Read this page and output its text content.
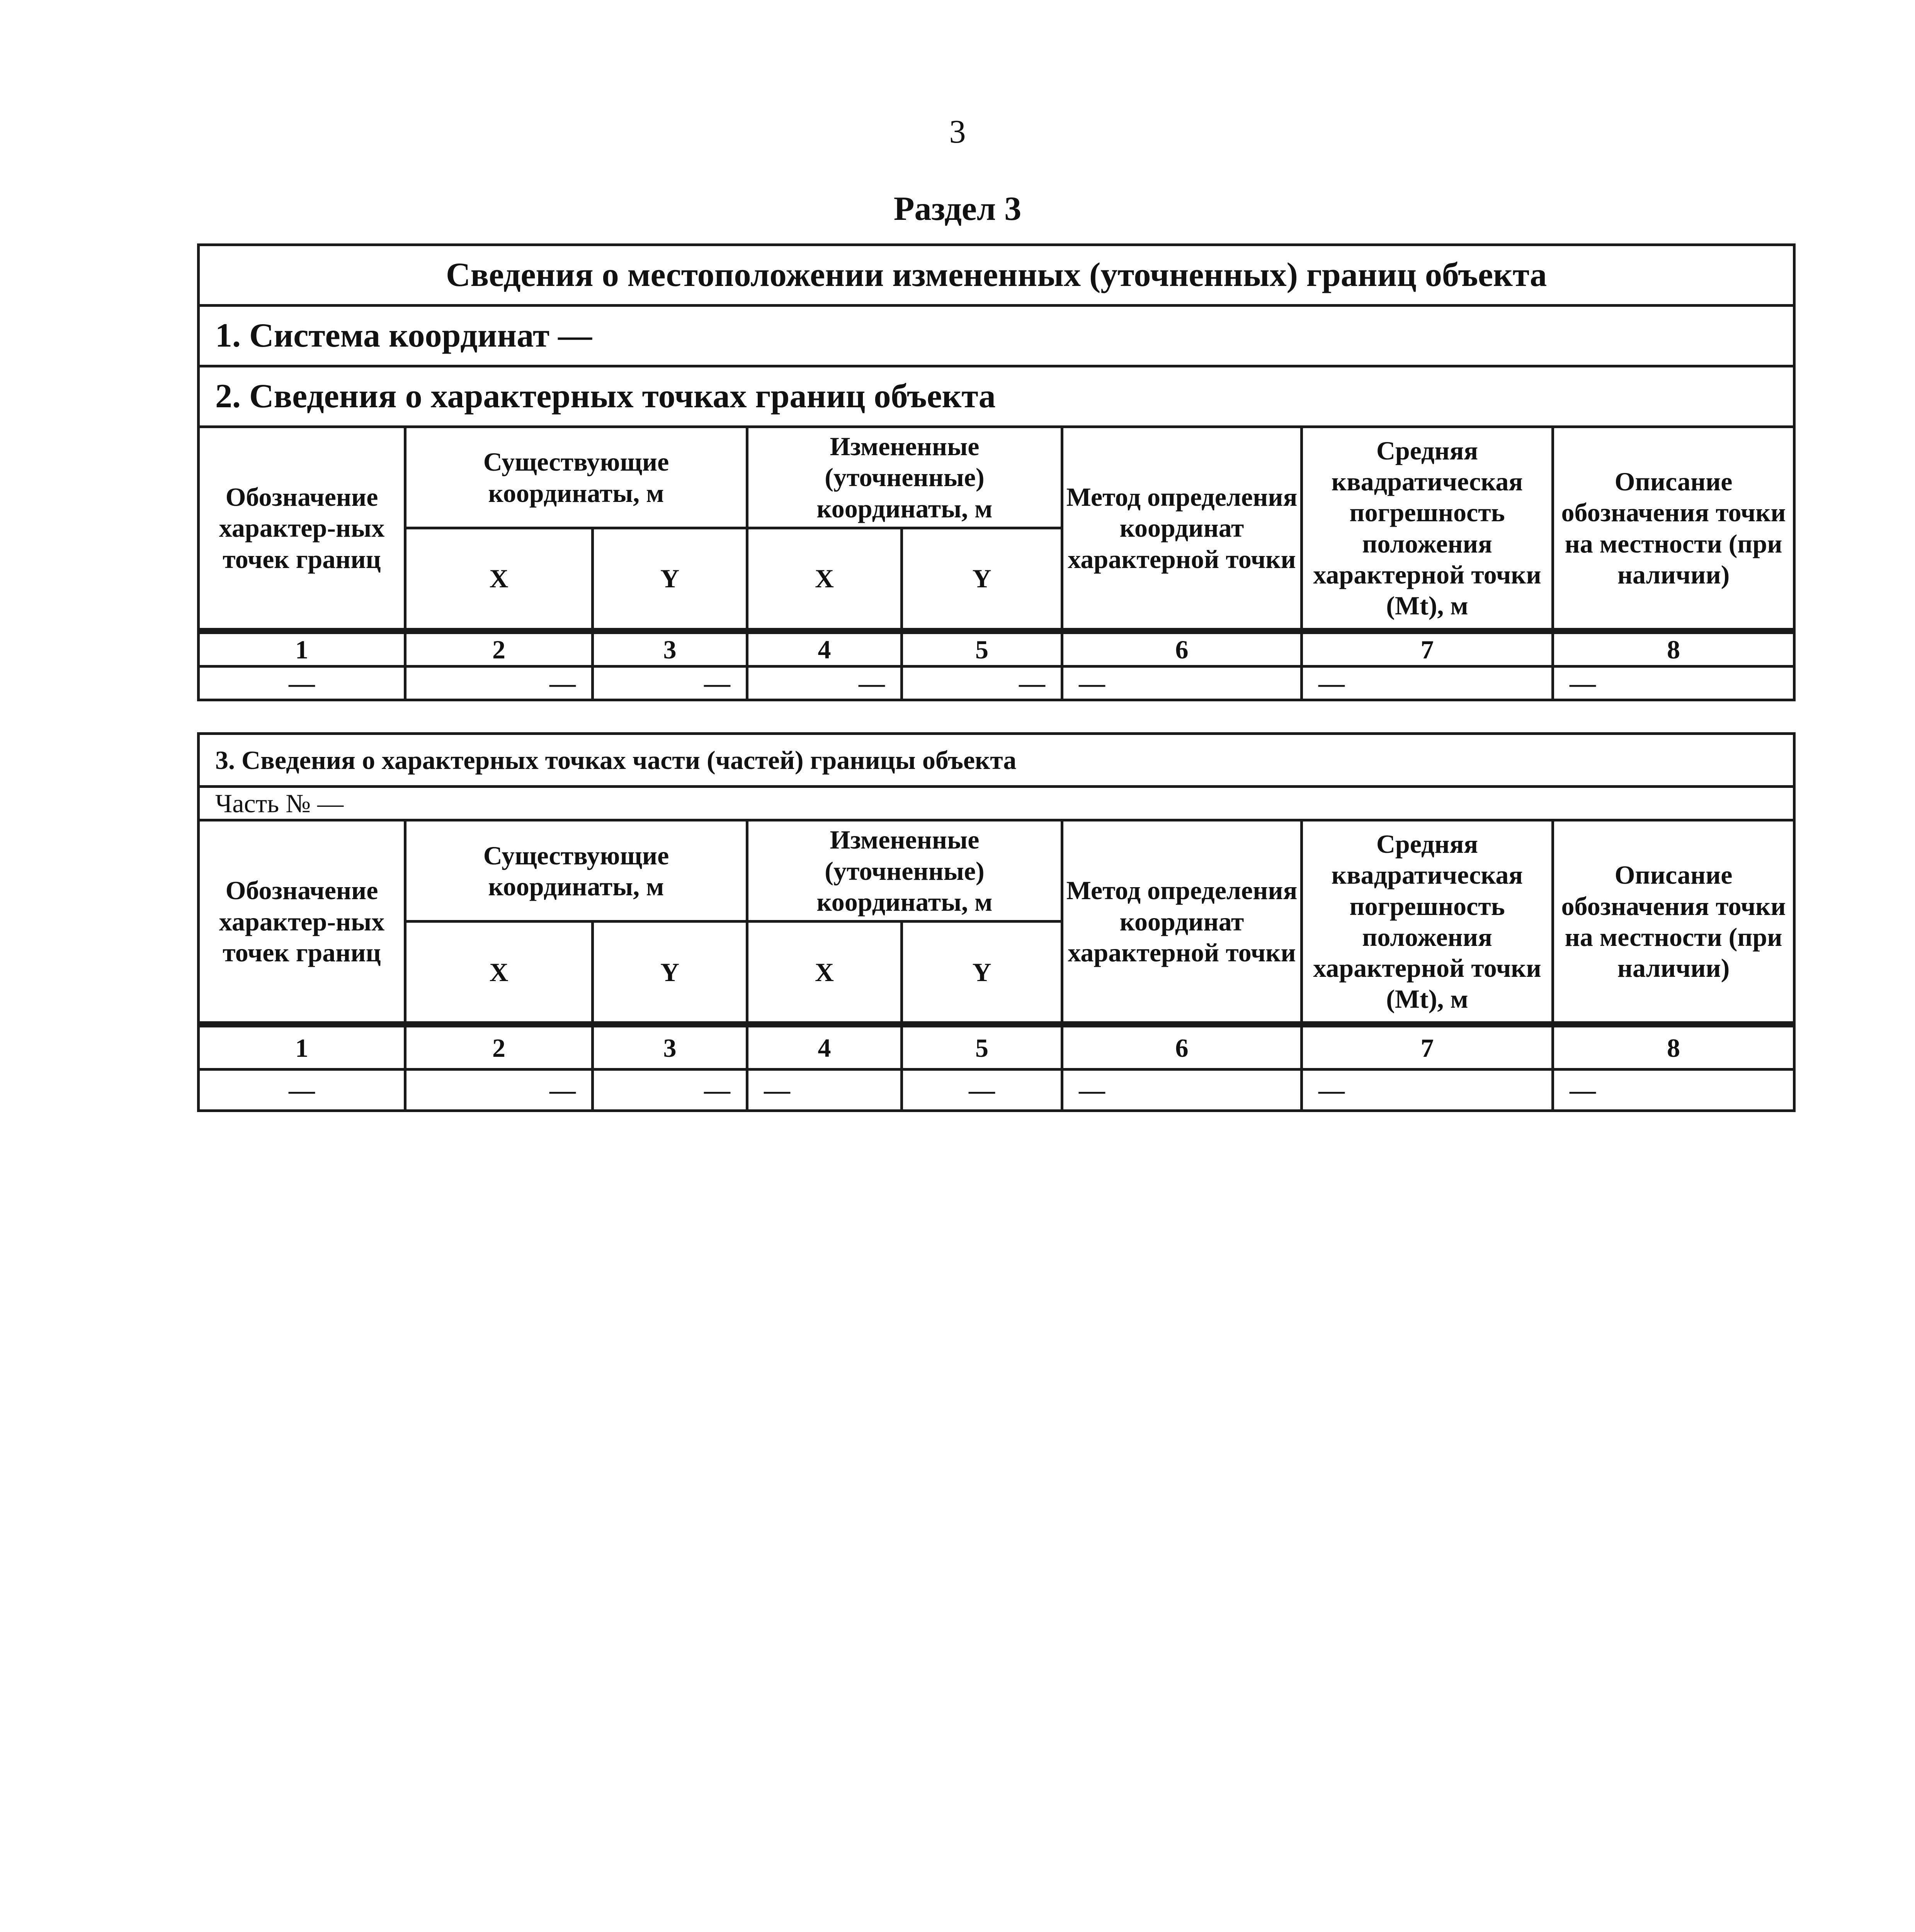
3
Раздел 3
Сведения о местоположении измененных (уточненных) границ объекта							
1. Система координат —							
2. Сведения о характерных точках границ объекта							
Обозначение характер-ных точек границ	Существующие координаты, м		Измененные (уточненные) координаты, м		Метод определения координат характерной точки	Средняя квадратическая погрешность положения характерной точки (Mt), м	Описание обозначения точки на местности (при наличии)
	X	Y	X	Y			
1	2	3	4	5	6	7	8
—	—	—	—	—	—	—	—
3. Сведения о характерных точках части (частей) границы объекта							
Часть № —							
Обозначение характер-ных точек границ	Существующие координаты, м		Измененные (уточненные) координаты, м		Метод определения координат характерной точки	Средняя квадратическая погрешность положения характерной точки (Mt), м	Описание обозначения точки на местности (при наличии)
	X	Y	X	Y			
1	2	3	4	5	6	7	8
—	—	—	—	—	—	—	—
